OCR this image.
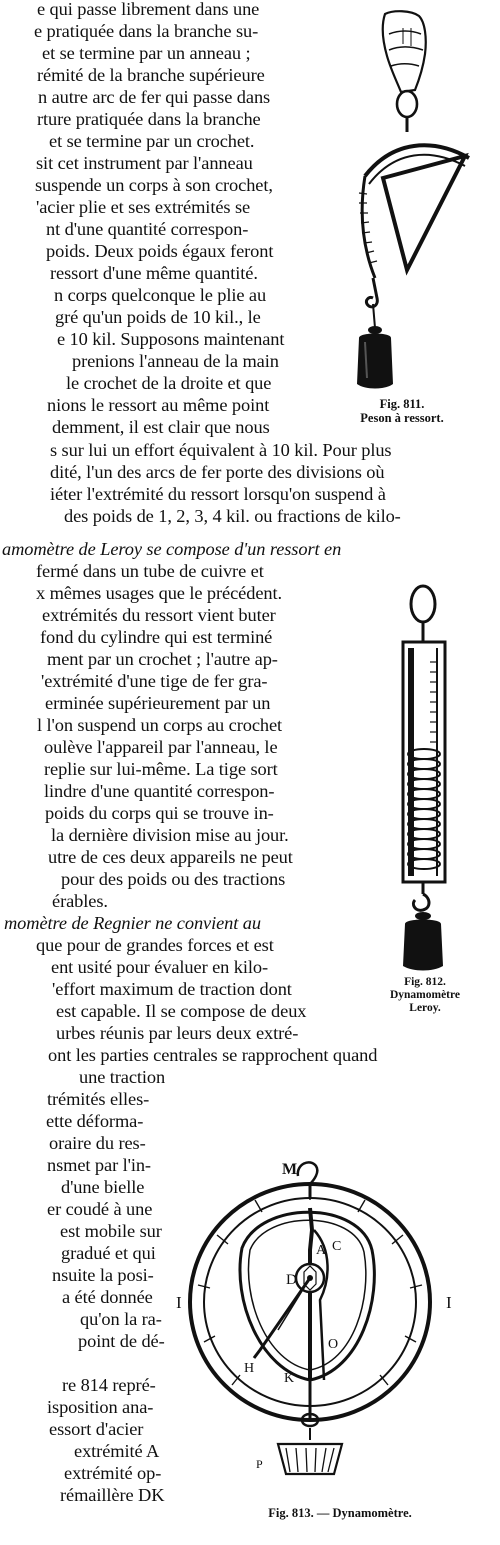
e qui passe librement dans une
e pratiquée dans la branche su-
et se termine par un anneau ;
rémité de la branche supérieure
n autre arc de fer qui passe dans
rture pratiquée dans la branche
et se termine par un crochet.
sit cet instrument par l'anneau
suspende un corps à son crochet,
'acier plie et ses extrémités se
nt d'une quantité correspon-
poids. Deux poids égaux feront
ressort d'une même quantité.
n corps quelconque le plie au
gré qu'un poids de 10 kil., le
e 10 kil. Supposons maintenant
prenions l'anneau de la main
le crochet de la droite et que
nions le ressort au même point
demment, il est clair que nous
s sur lui un effort équivalent à 10 kil. Pour plus
dité, l'un des arcs de fer porte des divisions où
iéter l'extrémité du ressort lorsqu'on suspend à
des poids de 1, 2, 3, 4 kil. ou fractions de kilo-
amomètre de Leroy se compose d'un ressort en
fermé dans un tube de cuivre et
x mêmes usages que le précédent.
extrémités du ressort vient buter
fond du cylindre qui est terminé
ment par un crochet ; l'autre ap-
'extrémité d'une tige de fer gra-
erminée supérieurement par un
l l'on suspend un corps au crochet
oulève l'appareil par l'anneau, le
replie sur lui-même. La tige sort
lindre d'une quantité correspon-
poids du corps qui se trouve in-
la dernière division mise au jour.
utre de ces deux appareils ne peut
pour des poids ou des tractions
érables.
momètre de Regnier ne convient au
que pour de grandes forces et est
ent usité pour évaluer en kilo-
'effort maximum de traction dont
est capable. Il se compose de deux
urbes réunis par leurs deux extré-
ont les parties centrales se rapprochent quand
une traction
trémités elles-
ette déforma-
oraire du res-
nsmet par l'in-
d'une bielle
er coudé à une
est mobile sur
gradué et qui
nsuite la posi-
a été donnée
qu'on la ra-
point de dé-
re 814 repré-
isposition ana-
essort d'acier
extrémité A
extrémité op-
rémaillère DK
Fig. 811.
Peson à ressort.
Fig. 812.
Dynamomètre
Leroy.
M
A C
D
O
K
H
I	I
P
Fig. 813. — Dynamomètre.
